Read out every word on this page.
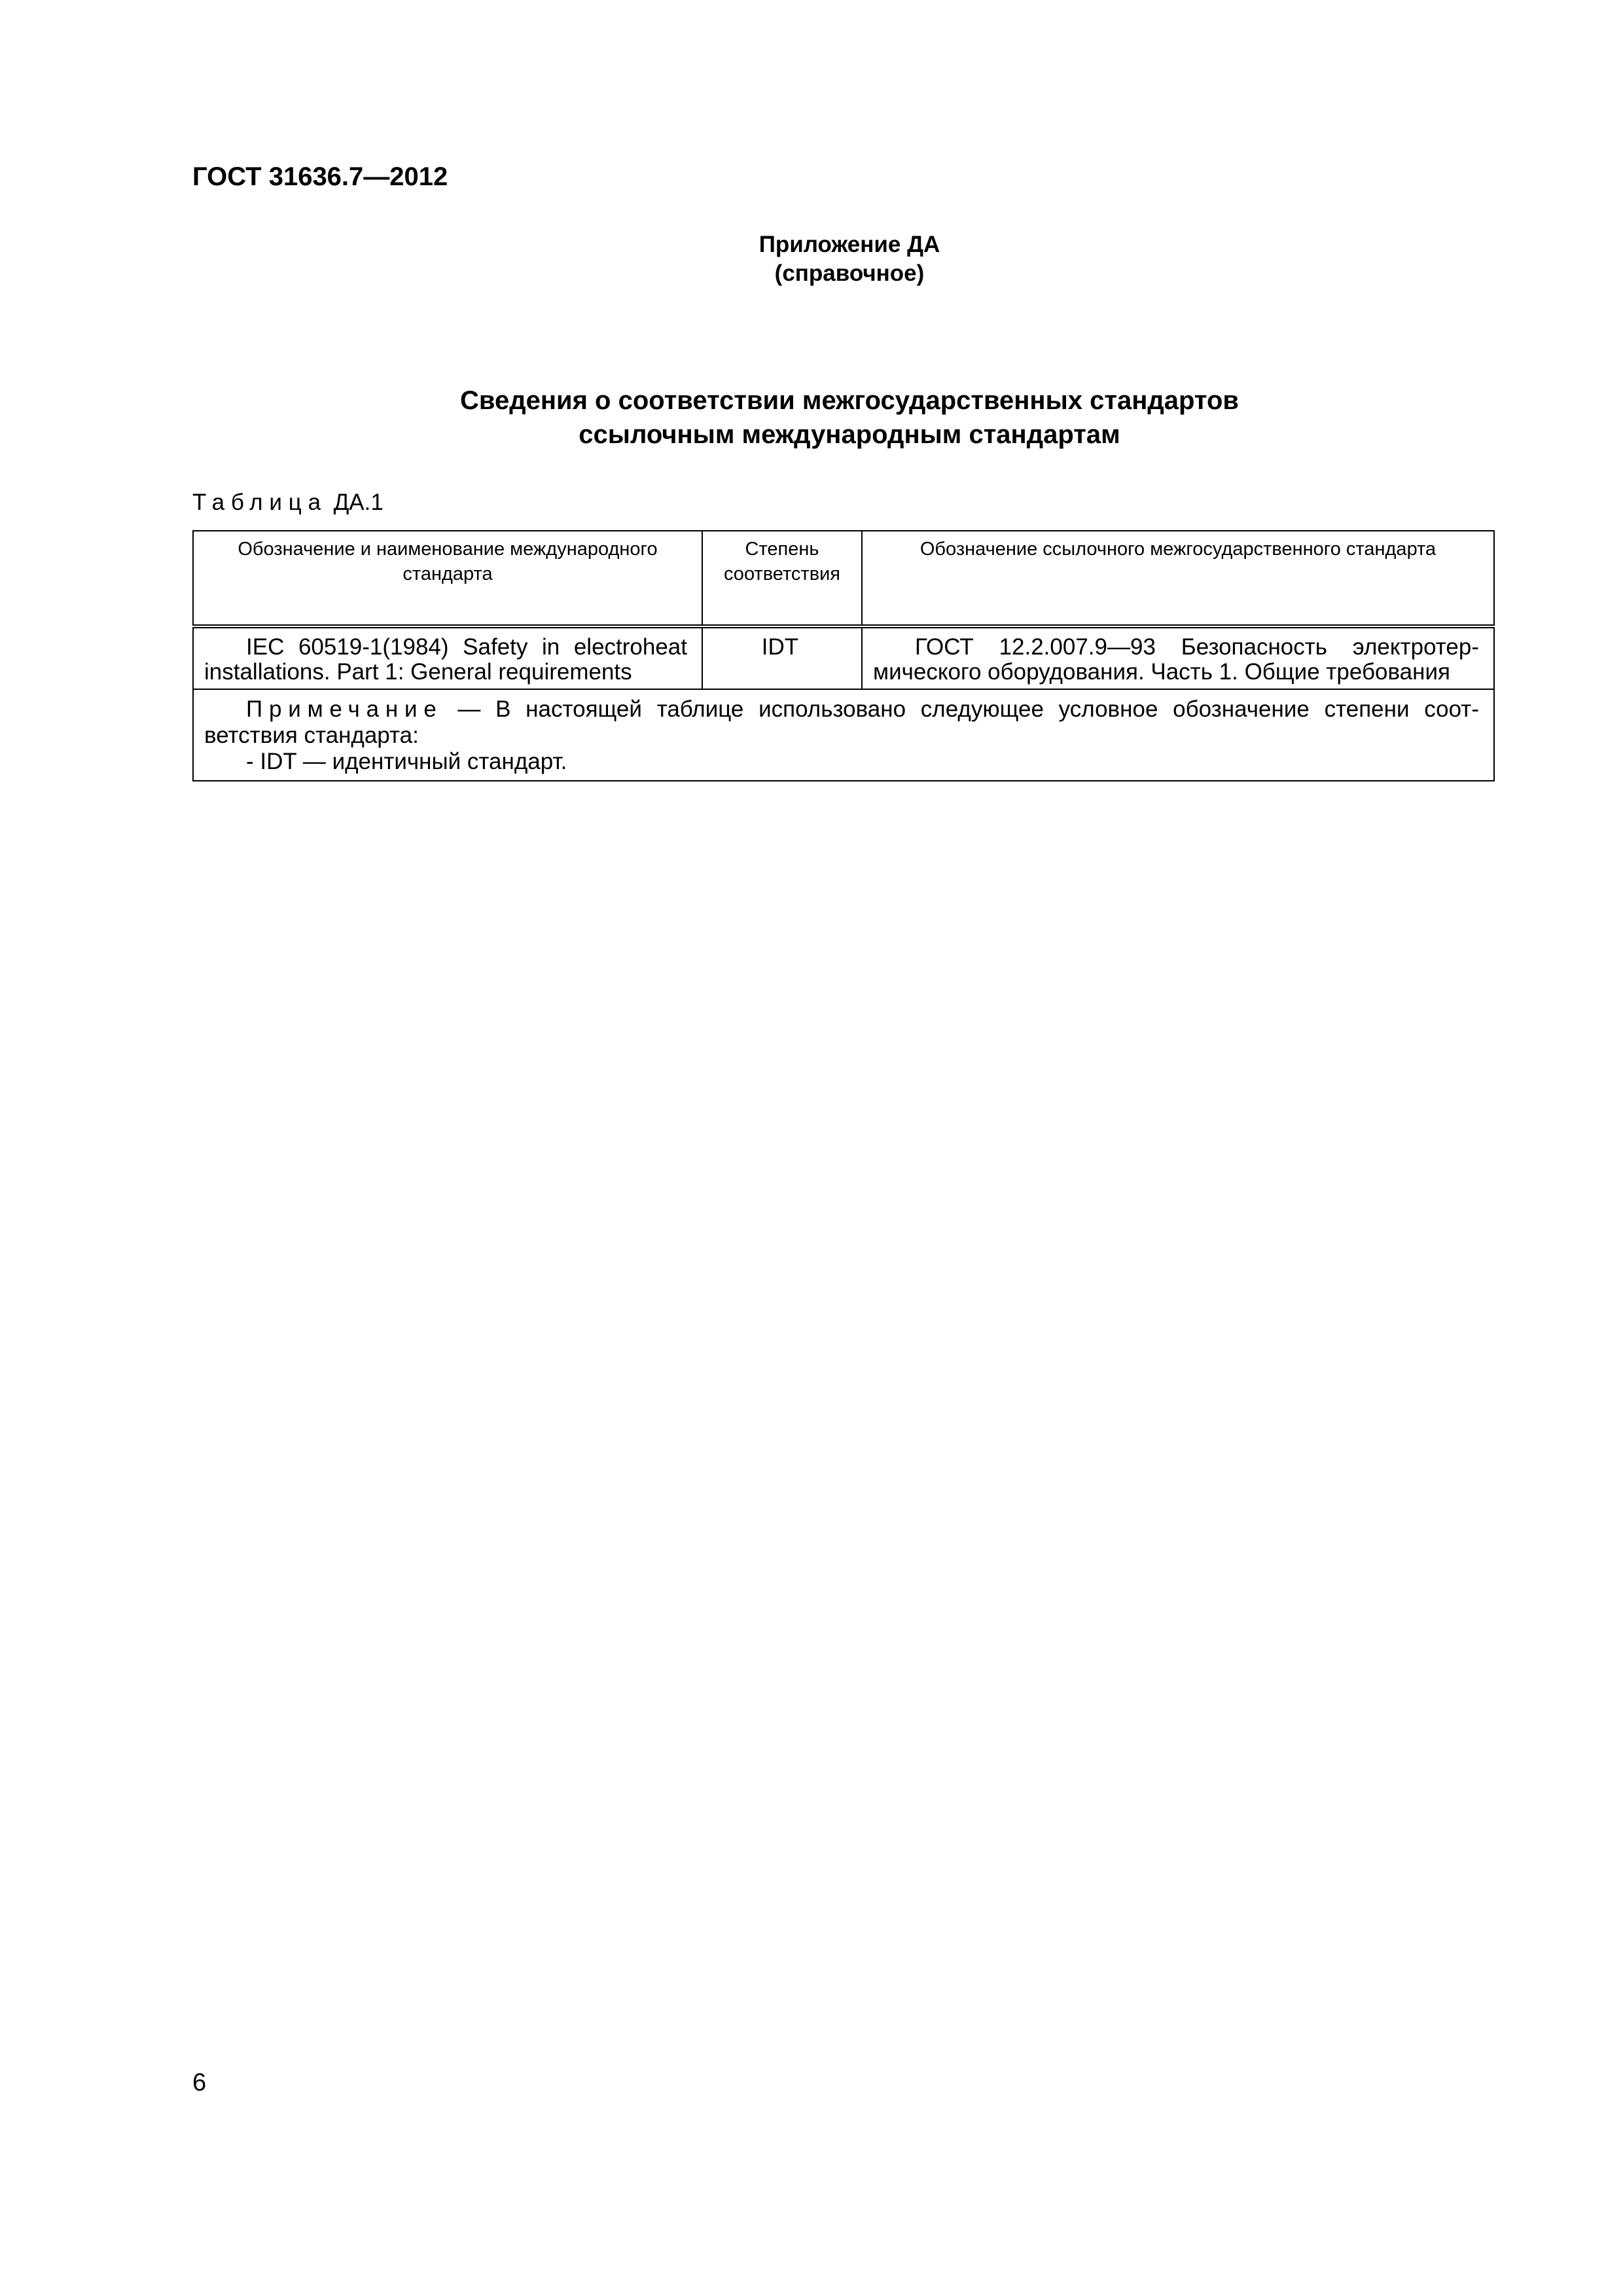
ГОСТ 31636.7—2012
Приложение ДА
(справочное)
Сведения о соответствии межгосударственных стандартов
ссылочным международным стандартам
Таблица ДА.1
Обозначение и наименование международного стандарта	Степень соответствия	Обозначение ссылочного межгосударственного стандарта
IEC 60519-1(1984) Safety in electroheat installations. Part 1: General requirements	IDT	ГОСТ 12.2.007.9—93 Безопасность электротермического оборудования. Часть 1. Общие требования

Примечание — В настоящей таблице использовано следующее условное обозначение степени соответствия стандарта:
- IDT — идентичный стандарт.		
6
